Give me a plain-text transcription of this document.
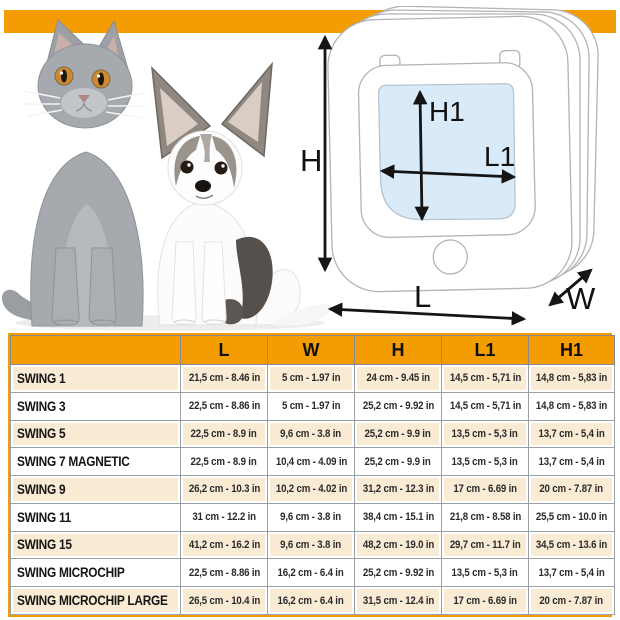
H
H1
L1
L	W
	L	W	H	L1	H1
SWING 1	21,5 cm - 8.46 in	5 cm - 1.97 in	24 cm - 9.45 in	14,5 cm - 5,71 in	14,8 cm - 5,83 in
SWING 3	22,5 cm - 8.86 in	5 cm - 1.97 in	25,2 cm - 9.92 in	14,5 cm - 5,71 in	14,8 cm - 5,83 in
SWING 5	22,5 cm - 8.9 in	9,6 cm - 3.8 in	25,2 cm - 9.9 in	13,5 cm - 5,3 in	13,7 cm - 5,4 in
SWING 7 MAGNETIC	22,5 cm - 8.9 in	10,4 cm - 4.09 in	25,2 cm - 9.9 in	13,5 cm - 5,3 in	13,7 cm - 5,4 in
SWING 9	26,2 cm - 10.3 in	10,2 cm - 4.02 in	31,2 cm - 12.3 in	17 cm - 6.69 in	20 cm - 7.87 in
SWING 11	31 cm - 12.2 in	9,6 cm - 3.8 in	38,4 cm - 15.1 in	21,8 cm - 8.58 in	25,5 cm - 10.0 in
SWING 15	41,2 cm - 16.2 in	9,6 cm - 3.8 in	48,2 cm - 19.0 in	29,7 cm - 11.7 in	34,5 cm - 13.6 in
SWING MICROCHIP	22,5 cm - 8.86 in	16,2 cm - 6.4 in	25,2 cm - 9.92 in	13,5 cm - 5,3 in	13,7 cm - 5,4 in
SWING MICROCHIP LARGE	26,5 cm - 10.4 in	16,2 cm - 6.4 in	31,5 cm - 12.4 in	17 cm - 6.69 in	20 cm - 7.87 in
